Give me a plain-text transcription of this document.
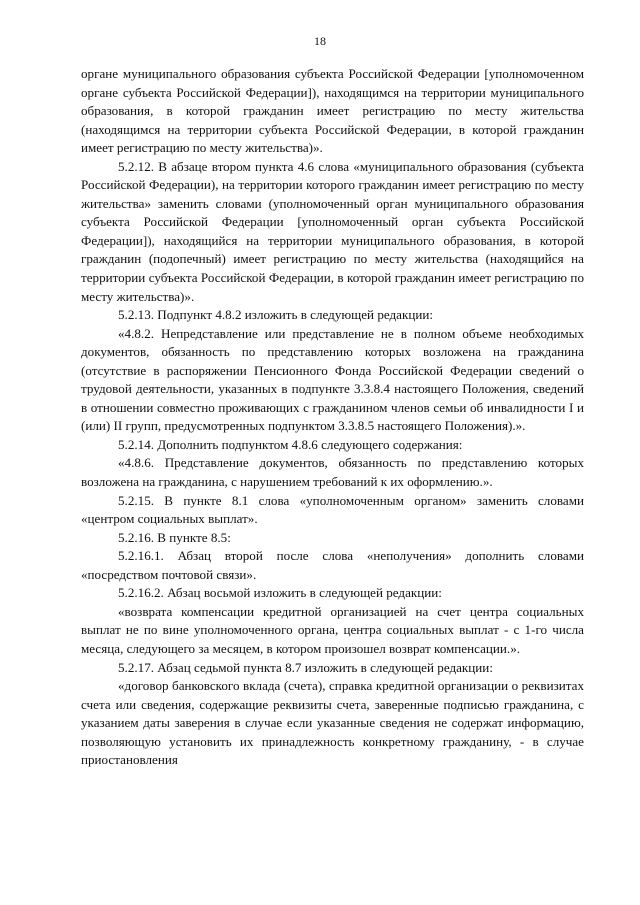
18

органе муниципального образования субъекта Российской Федерации [уполномоченном органе субъекта Российской Федерации]), находящимся на территории муниципального образования, в которой гражданин имеет регистрацию по месту жительства (находящимся на территории субъекта Российской Федерации, в которой гражданин имеет регистрацию по месту жительства)».

5.2.12. В абзаце втором пункта 4.6 слова «муниципального образования (субъекта Российской Федерации), на территории которого гражданин имеет регистрацию по месту жительства» заменить словами (уполномоченный орган муниципального образования субъекта Российской Федерации [уполномоченный орган субъекта Российской Федерации]), находящийся на территории муниципального образования, в которой гражданин (подопечный) имеет регистрацию по месту жительства (находящийся на территории субъекта Российской Федерации, в которой гражданин имеет регистрацию по месту жительства)».

5.2.13. Подпункт 4.8.2 изложить в следующей редакции:

«4.8.2. Непредставление или представление не в полном объеме необходимых документов, обязанность по представлению которых возложена на гражданина (отсутствие в распоряжении Пенсионного Фонда Российской Федерации сведений о трудовой деятельности, указанных в подпункте 3.3.8.4 настоящего Положения, сведений в отношении совместно проживающих с гражданином членов семьи об инвалидности I и (или) II групп, предусмотренных подпунктом 3.3.8.5 настоящего Положения).».

5.2.14. Дополнить подпунктом 4.8.6 следующего содержания:

«4.8.6. Представление документов, обязанность по представлению которых возложена на гражданина, с нарушением требований к их оформлению.».

5.2.15. В пункте 8.1 слова «уполномоченным органом» заменить словами «центром социальных выплат».

5.2.16. В пункте 8.5:

5.2.16.1. Абзац второй после слова «неполучения» дополнить словами «посредством почтовой связи».

5.2.16.2. Абзац восьмой изложить в следующей редакции:

«возврата компенсации кредитной организацией на счет центра социальных выплат не по вине уполномоченного органа, центра социальных выплат - с 1-го числа месяца, следующего за месяцем, в котором произошел возврат компенсации.».

5.2.17. Абзац седьмой пункта 8.7 изложить в следующей редакции:

«договор банковского вклада (счета), справка кредитной организации о реквизитах счета или сведения, содержащие реквизиты счета, заверенные подписью гражданина, с указанием даты заверения в случае если указанные сведения не содержат информацию, позволяющую установить их принадлежность конкретному гражданину, - в случае приостановления
